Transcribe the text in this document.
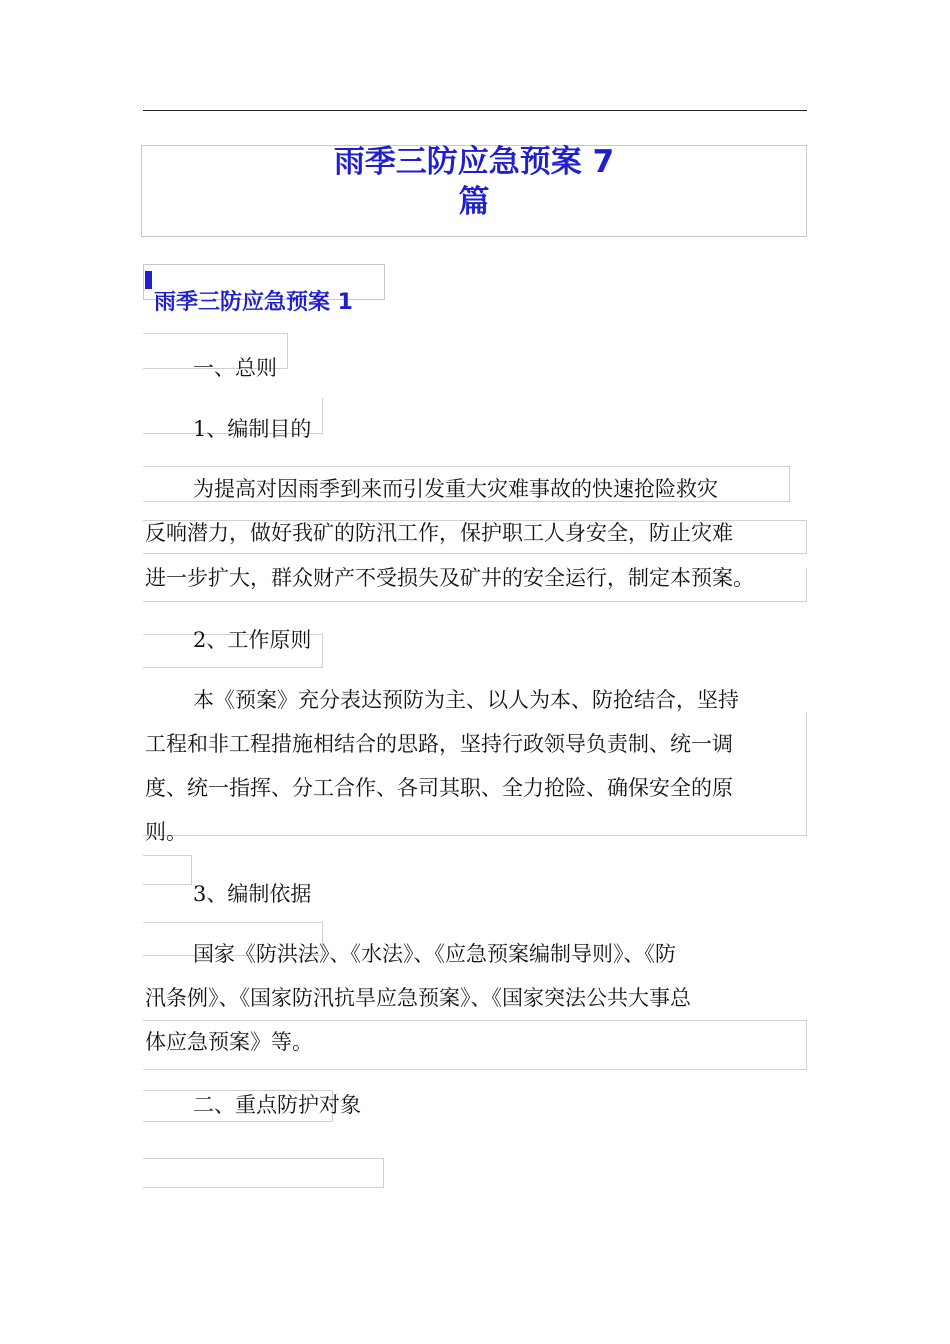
雨季三防应急预案 7
篇
雨季三防应急预案 1
一、总则
1、编制目的
为提高对因雨季到来而引发重大灾难事故的快速抢险救灾
反响潜力，做好我矿的防汛工作，保护职工人身安全，防止灾难
进一步扩大，群众财产不受损失及矿井的安全运行，制定本预案。
2、工作原则
本《预案》充分表达预防为主、以人为本、防抢结合，坚持
工程和非工程措施相结合的思路，坚持行政领导负责制、统一调
度、统一指挥、分工合作、各司其职、全力抢险、确保安全的原
则。
3、编制依据
国家《防洪法》、《水法》、《应急预案编制导则》、《防
汛条例》、《国家防汛抗旱应急预案》、《国家突法公共大事总
体应急预案》等。
二、重点防护对象
